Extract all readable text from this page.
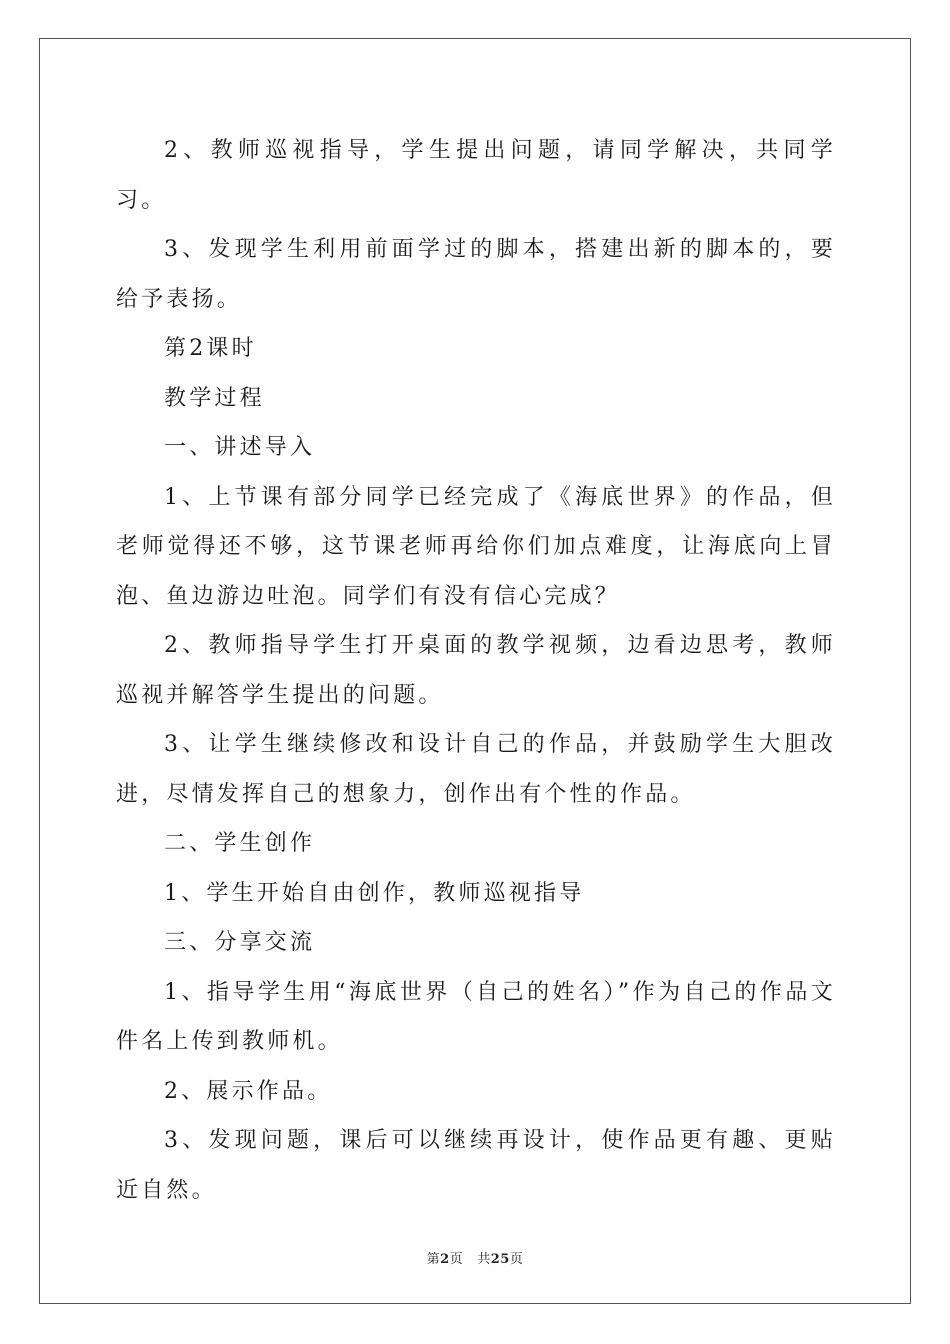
2、教师巡视指导，学生提出问题，请同学解决，共同学习。

3、发现学生利用前面学过的脚本，搭建出新的脚本的，要给予表扬。

第2课时

教学过程

一、讲述导入

1、上节课有部分同学已经完成了《海底世界》的作品，但老师觉得还不够，这节课老师再给你们加点难度，让海底向上冒泡、鱼边游边吐泡。同学们有没有信心完成？

2、教师指导学生打开桌面的教学视频，边看边思考，教师巡视并解答学生提出的问题。

3、让学生继续修改和设计自己的作品，并鼓励学生大胆改进，尽情发挥自己的想象力，创作出有个性的作品。

二、学生创作

1、学生开始自由创作，教师巡视指导

三、分享交流

1、指导学生用“海底世界（自己的姓名）”作为自己的作品文件名上传到教师机。

2、展示作品。

3、发现问题，课后可以继续再设计，使作品更有趣、更贴近自然。

第2页 共25页
